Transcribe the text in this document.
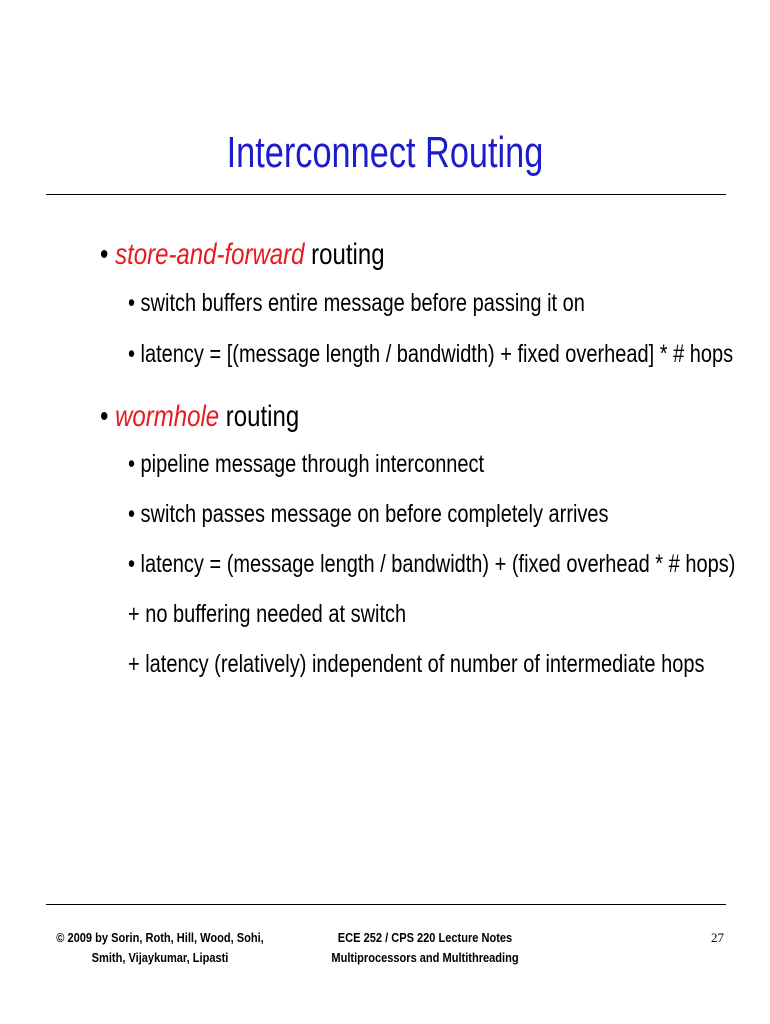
Interconnect Routing
• store-and-forward routing
• switch buffers entire message before passing it on
• latency = [(message length / bandwidth) + fixed overhead] * # hops
• wormhole routing
• pipeline message through interconnect
• switch passes message on before completely arrives
• latency = (message length / bandwidth) + (fixed overhead * # hops)
+ no buffering needed at switch
+ latency (relatively) independent of number of intermediate hops
© 2009 by Sorin, Roth, Hill, Wood, Sohi,
Smith, Vijaykumar, Lipasti
ECE 252 / CPS 220 Lecture Notes
Multiprocessors and Multithreading
27
